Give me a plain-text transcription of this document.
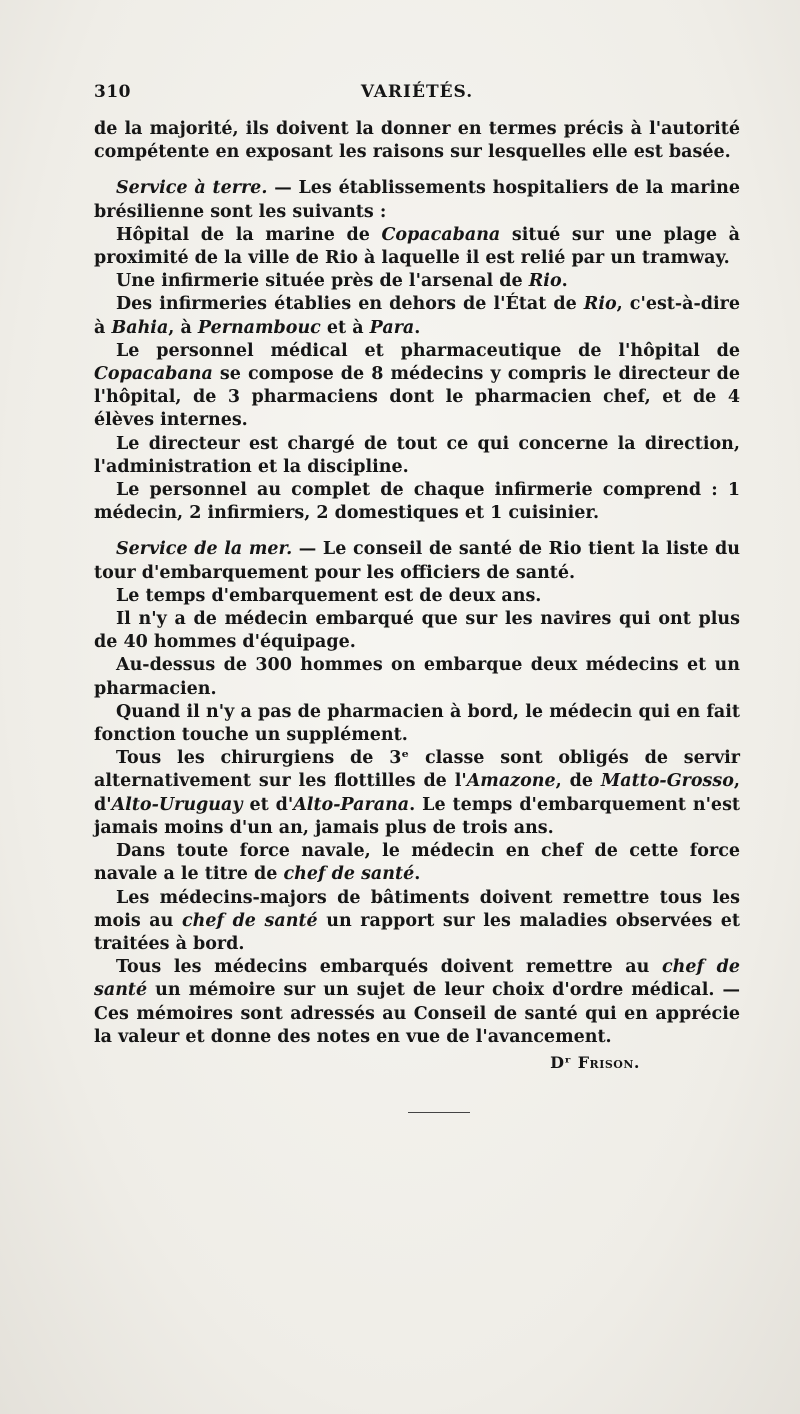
310	VARIÉTÉS.

de la majorité, ils doivent la donner en termes précis à l'autorité compétente en exposant les raisons sur lesquelles elle est basée.

Service à terre. — Les établissements hospitaliers de la marine brésilienne sont les suivants :

Hôpital de la marine de Copacabana situé sur une plage à proximité de la ville de Rio à laquelle il est relié par un tramway.

Une infirmerie située près de l'arsenal de Rio.

Des infirmeries établies en dehors de l'État de Rio, c'est-à-dire à Bahia, à Pernambouc et à Para.

Le personnel médical et pharmaceutique de l'hôpital de Copacabana se compose de 8 médecins y compris le directeur de l'hôpital, de 3 pharmaciens dont le pharmacien chef, et de 4 élèves internes.

Le directeur est chargé de tout ce qui concerne la direction, l'administration et la discipline.

Le personnel au complet de chaque infirmerie comprend : 1 médecin, 2 infirmiers, 2 domestiques et 1 cuisinier.

Service de la mer. — Le conseil de santé de Rio tient la liste du tour d'embarquement pour les officiers de santé.

Le temps d'embarquement est de deux ans.

Il n'y a de médecin embarqué que sur les navires qui ont plus de 40 hommes d'équipage.

Au-dessus de 300 hommes on embarque deux médecins et un pharmacien.

Quand il n'y a pas de pharmacien à bord, le médecin qui en fait fonction touche un supplément.

Tous les chirurgiens de 3ᵉ classe sont obligés de servir alternativement sur les flottilles de l'Amazone, de Matto-Grosso, d'Alto-Uruguay et d'Alto-Parana. Le temps d'embarquement n'est jamais moins d'un an, jamais plus de trois ans.

Dans toute force navale, le médecin en chef de cette force navale a le titre de chef de santé.

Les médecins-majors de bâtiments doivent remettre tous les mois au chef de santé un rapport sur les maladies observées et traitées à bord.

Tous les médecins embarqués doivent remettre au chef de santé un mémoire sur un sujet de leur choix d'ordre médical. — Ces mémoires sont adressés au Conseil de santé qui en apprécie la valeur et donne des notes en vue de l'avancement.

Dʳ Frison.
